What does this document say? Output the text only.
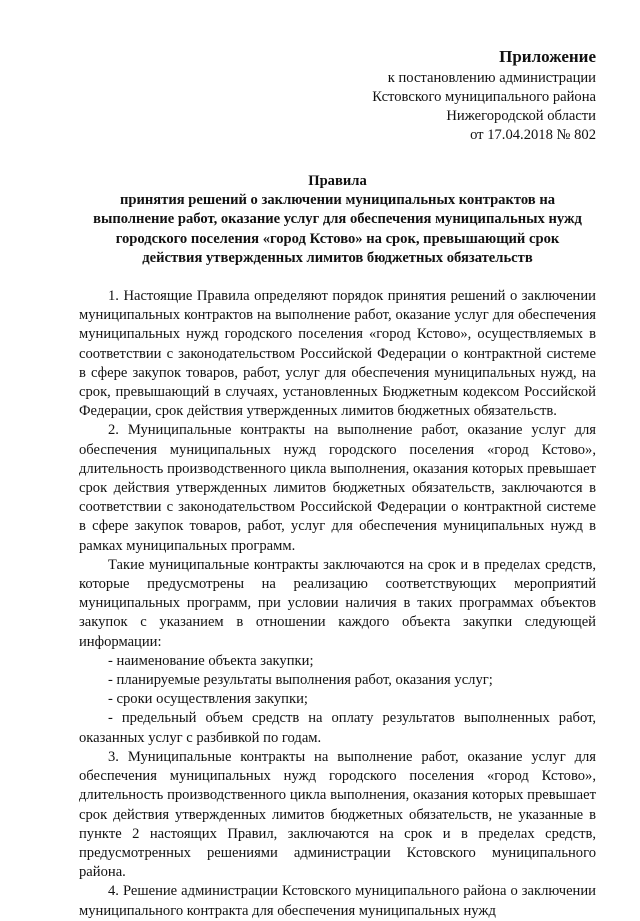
Приложение
к постановлению администрации
Кстовского муниципального района
Нижегородской области
от 17.04.2018 № 802
Правила
принятия решений о заключении муниципальных контрактов на
выполнение работ, оказание услуг для обеспечения муниципальных нужд
городского поселения «город Кстово» на срок, превышающий срок
действия утвержденных лимитов бюджетных обязательств

1. Настоящие Правила определяют порядок принятия решений о заключении муниципальных контрактов на выполнение работ, оказание услуг для обеспечения муниципальных нужд городского поселения «город Кстово», осуществляемых в соответствии с законодательством Российской Федерации о контрактной системе в сфере закупок товаров, работ, услуг для обеспечения муниципальных нужд, на срок, превышающий в случаях, установленных Бюджетным кодексом Российской Федерации, срок действия утвержденных лимитов бюджетных обязательств.

2. Муниципальные контракты на выполнение работ, оказание услуг для обеспечения муниципальных нужд городского поселения «город Кстово», длительность производственного цикла выполнения, оказания которых превышает срок действия утвержденных лимитов бюджетных обязательств, заключаются в соответствии с законодательством Российской Федерации о контрактной системе в сфере закупок товаров, работ, услуг для обеспечения муниципальных нужд в рамках муниципальных программ.

Такие муниципальные контракты заключаются на срок и в пределах средств, которые предусмотрены на реализацию соответствующих мероприятий муниципальных программ, при условии наличия в таких программах объектов закупок с указанием в отношении каждого объекта закупки следующей информации:

- наименование объекта закупки;

- планируемые результаты выполнения работ, оказания услуг;

- сроки осуществления закупки;

- предельный объем средств на оплату результатов выполненных работ, оказанных услуг с разбивкой по годам.

3. Муниципальные контракты на выполнение работ, оказание услуг для обеспечения муниципальных нужд городского поселения «город Кстово», длительность производственного цикла выполнения, оказания которых превышает срок действия утвержденных лимитов бюджетных обязательств, не указанные в пункте 2 настоящих Правил, заключаются на срок и в пределах средств, предусмотренных решениями администрации Кстовского муниципального района.

4. Решение администрации Кстовского муниципального района о заключении муниципального контракта для обеспечения муниципальных нужд
